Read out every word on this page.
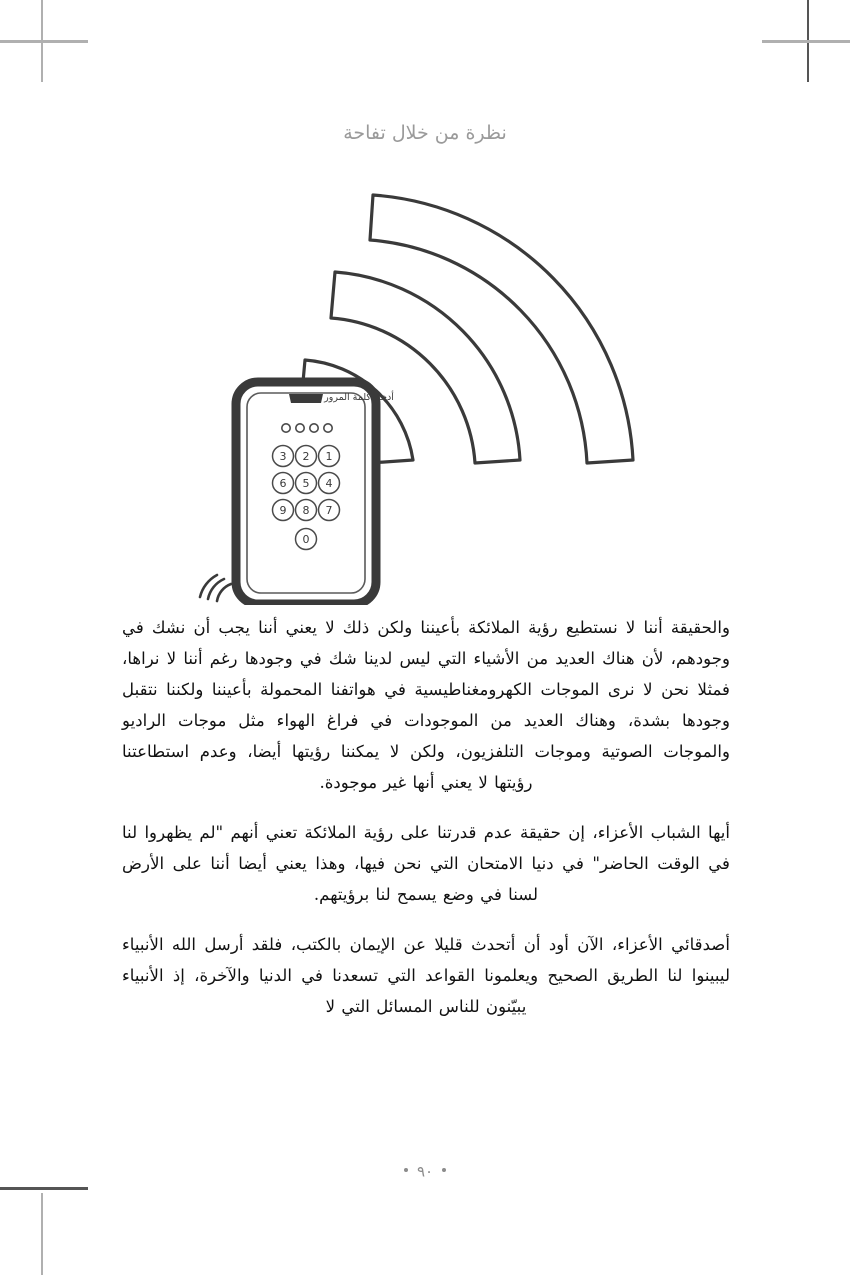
نظرة من خلال تفاحة
1
2
3
4
5
6
7
8
9
0
أدخل كلمة المرور

والحقيقة أننا لا نستطيع رؤية الملائكة بأعيننا ولكن ذلك لا يعني أننا يجب أن نشك في وجودهم، لأن هناك العديد من الأشياء التي ليس لدينا شك في وجودها رغم أننا لا نراها، فمثلا نحن لا نرى الموجات الكهرومغناطيسية في هواتفنا المحمولة بأعيننا ولكننا نتقبل وجودها بشدة، وهناك العديد من الموجودات في فراغ الهواء مثل موجات الراديو والموجات الصوتية وموجات التلفزيون، ولكن لا يمكننا رؤيتها أيضا، وعدم استطاعتنا رؤيتها لا يعني أنها غير موجودة.

أيها الشباب الأعزاء، إن حقيقة عدم قدرتنا على رؤية الملائكة تعني أنهم "لم يظهروا لنا في الوقت الحاضر" في دنيا الامتحان التي نحن فيها، وهذا يعني أيضا أننا على الأرض لسنا في وضع يسمح لنا برؤيتهم.

أصدقائي الأعزاء، الآن أود أن أتحدث قليلا عن الإيمان بالكتب، فلقد أرسل الله الأنبياء ليبينوا لنا الطريق الصحيح ويعلمونا القواعد التي تسعدنا في الدنيا والآخرة، إذ الأنبياء يبيّنون للناس المسائل التي لا

٩٠
